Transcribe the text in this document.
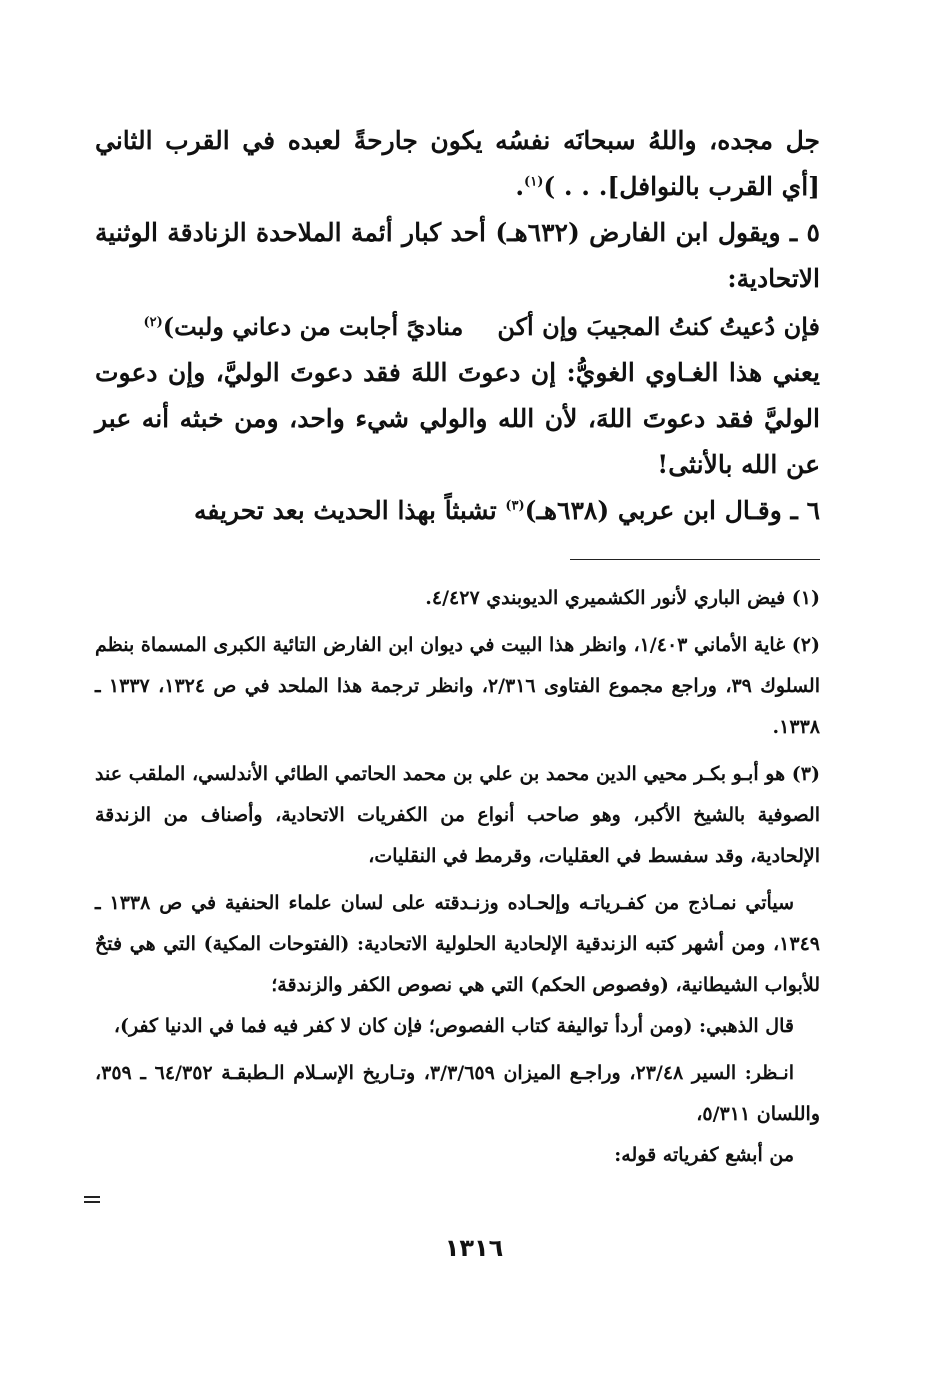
جل مجده، واللهُ سبحانَه نفسُه يكون جارحةً لعبده في القرب الثاني [أي القرب بالنوافل]. . . )$^{(١)}$.

٥ ـ ويقول ابن الفارض (٦٣٢هـ) أحد كبار أئمة الملاحدة الزنادقة الوثنية الاتحادية:

فإن دُعيتُ كنتُ المجيبَ وإن أكنمناديً أجابت من دعاني ولبت)$^{(٢)}$

يعني هذا الغـاوي الغويُّ: إن دعوتَ اللهَ فقد دعوتَ الوليَّ، وإن دعوت الوليَّ فقد دعوتَ اللهَ، لأن الله والولي شيء واحد، ومن خبثه أنه عبر عن الله بالأنثى!

٦ ـ وقـال ابن عربي (٦٣٨هـ)$^{(٣)}$ تشبثاً بهذا الحديث بعد تحريفه

(١) فيض الباري لأنور الكشميري الديوبندي ٤/٤٢٧.

(٢) غاية الأماني ١/٤٠٣، وانظر هذا البيت في ديوان ابن الفارض التائية الكبرى المسماة بنظم السلوك ٣٩، وراجع مجموع الفتاوى ٢/٣١٦، وانظر ترجمة هذا الملحد في ص ١٣٢٤، ١٣٣٧ ـ ١٣٣٨.

(٣) هو أبـو بكـر محيي الدين محمد بن علي بن محمد الحاتمي الطائي الأندلسي، الملقب عند الصوفية بالشيخ الأكبر، وهو صاحب أنواع من الكفريات الاتحادية، وأصناف من الزندقة الإلحادية، وقد سفسط في العقليات، وقرمط في النقليات،

سيأتي نمـاذج من كفـرياتـه وإلحـاده وزنـدقته على لسان علماء الحنفية في ص ١٣٣٨ ـ ١٣٤٩، ومن أشهر كتبه الزندقية الإلحادية الحلولية الاتحادية: (الفتوحات المكية) التي هي فتحٌ للأبواب الشيطانية، (وفصوص الحكم) التي هي نصوص الكفر والزندقة؛

قال الذهبي: (ومن أردأ تواليفة كتاب الفصوص؛ فإن كان لا كفر فيه فما في الدنيا كفر)،

انـظر: السير ٢٣/٤٨، وراجـع الميزان ٣/٣/٦٥٩، وتـاريخ الإسـلام الـطبقـة ٦٤/٣٥٢ ـ ٣٥٩، واللسان ٥/٣١١،

من أبشع كفرياته قوله:

١٣١٦
